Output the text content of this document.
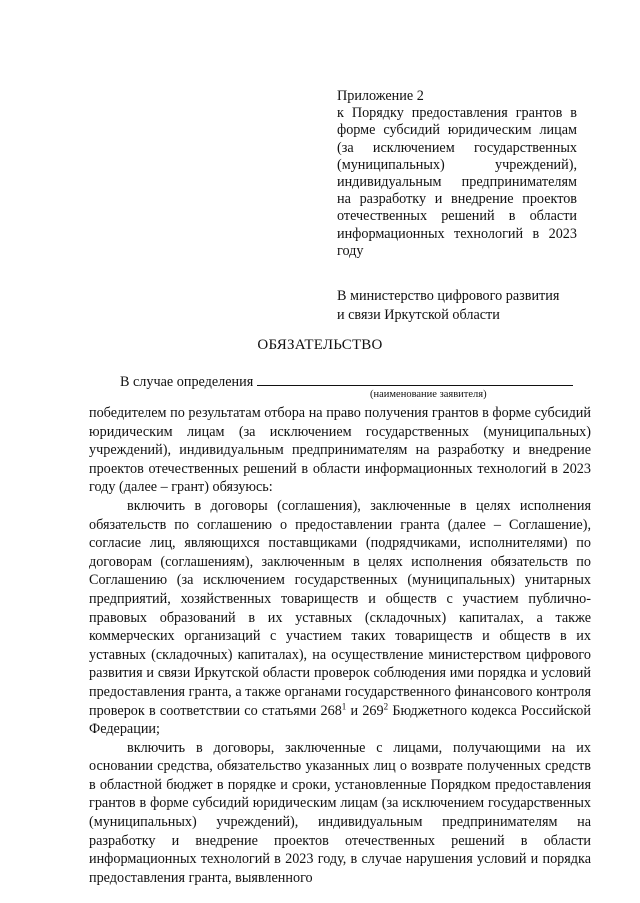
Приложение 2
к Порядку предоставления грантов в форме субсидий юридическим лицам (за исключением государственных (муниципальных) учреждений), индивидуальным предпринимателям на разработку и внедрение проектов отечественных решений в области информационных технологий в 2023 году
В министерство цифрового развития
и связи Иркутской области
ОБЯЗАТЕЛЬСТВО
В случае определения
(наименование заявителя)

победителем по результатам отбора на право получения грантов в форме субсидий юридическим лицам (за исключением государственных (муниципальных) учреждений), индивидуальным предпринимателям на разработку и внедрение проектов отечественных решений в области информационных технологий в 2023 году (далее – грант) обязуюсь:

включить в договоры (соглашения), заключенные в целях исполнения обязательств по соглашению о предоставлении гранта (далее – Соглашение), согласие лиц, являющихся поставщиками (подрядчиками, исполнителями) по договорам (соглашениям), заключенным в целях исполнения обязательств по Соглашению (за исключением государственных (муниципальных) унитарных предприятий, хозяйственных товариществ и обществ с участием публично-правовых образований в их уставных (складочных) капиталах, а также коммерческих организаций с участием таких товариществ и обществ в их уставных (складочных) капиталах), на осуществление министерством цифрового развития и связи Иркутской области проверок соблюдения ими порядка и условий предоставления гранта, а также органами государственного финансового контроля проверок в соответствии со статьями $268^1$ и $269^2$ Бюджетного кодекса Российской Федерации;

включить в договоры, заключенные с лицами, получающими на их основании средства, обязательство указанных лиц о возврате полученных средств в областной бюджет в порядке и сроки, установленные Порядком предоставления грантов в форме субсидий юридическим лицам (за исключением государственных (муниципальных) учреждений), индивидуальным предпринимателям на разработку и внедрение проектов отечественных решений в области информационных технологий в 2023 году, в случае нарушения условий и порядка предоставления гранта, выявленного
